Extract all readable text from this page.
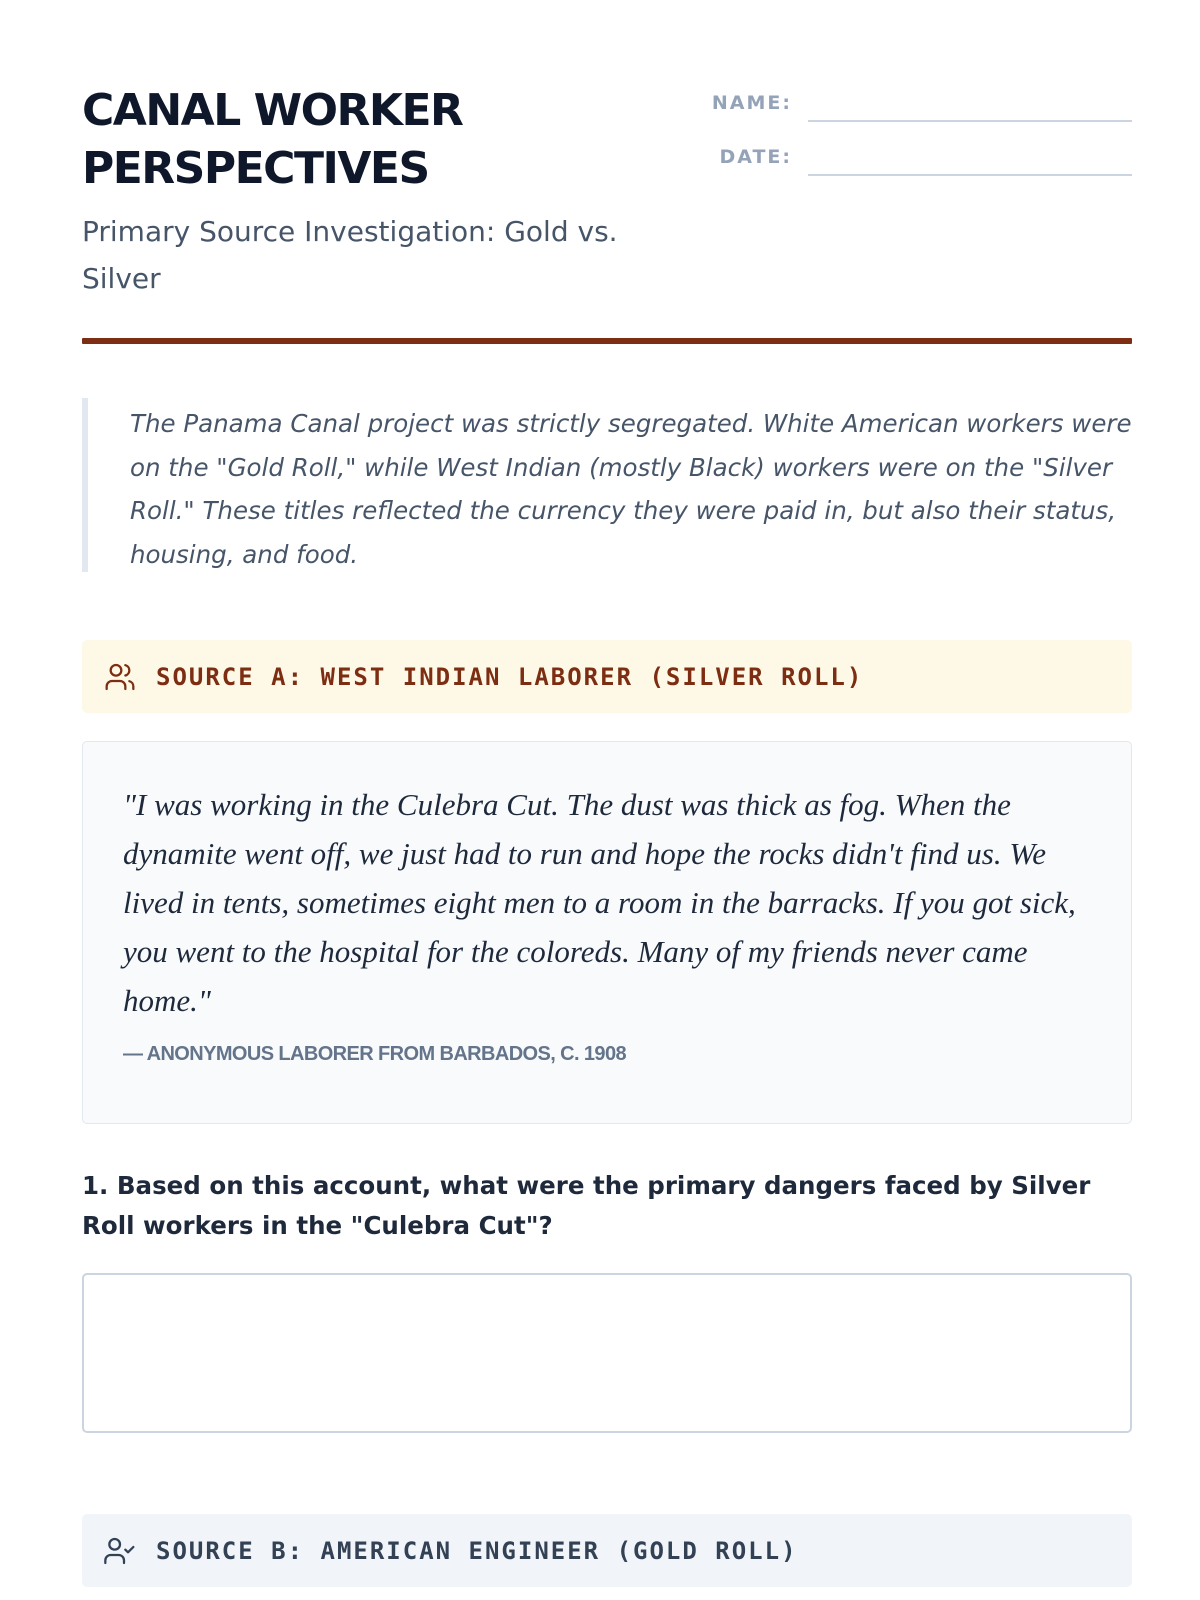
CANAL WORKER PERSPECTIVES
Primary Source Investigation: Gold vs. Silver
NAME:
DATE:

The Panama Canal project was strictly segregated. White American workers were on the "Gold Roll," while West Indian (mostly Black) workers were on the "Silver Roll." These titles reflected the currency they were paid in, but also their status, housing, and food.

SOURCE A: WEST INDIAN LABORER (SILVER ROLL)

"I was working in the Culebra Cut. The dust was thick as fog. When the dynamite went off, we just had to run and hope the rocks didn't find us. We lived in tents, sometimes eight men to a room in the barracks. If you got sick, you went to the hospital for the coloreds. Many of my friends never came home."

— ANONYMOUS LABORER FROM BARBADOS, C. 1908
1. Based on this account, what were the primary dangers faced by Silver Roll workers in the "Culebra Cut"?
SOURCE B: AMERICAN ENGINEER (GOLD ROLL)
